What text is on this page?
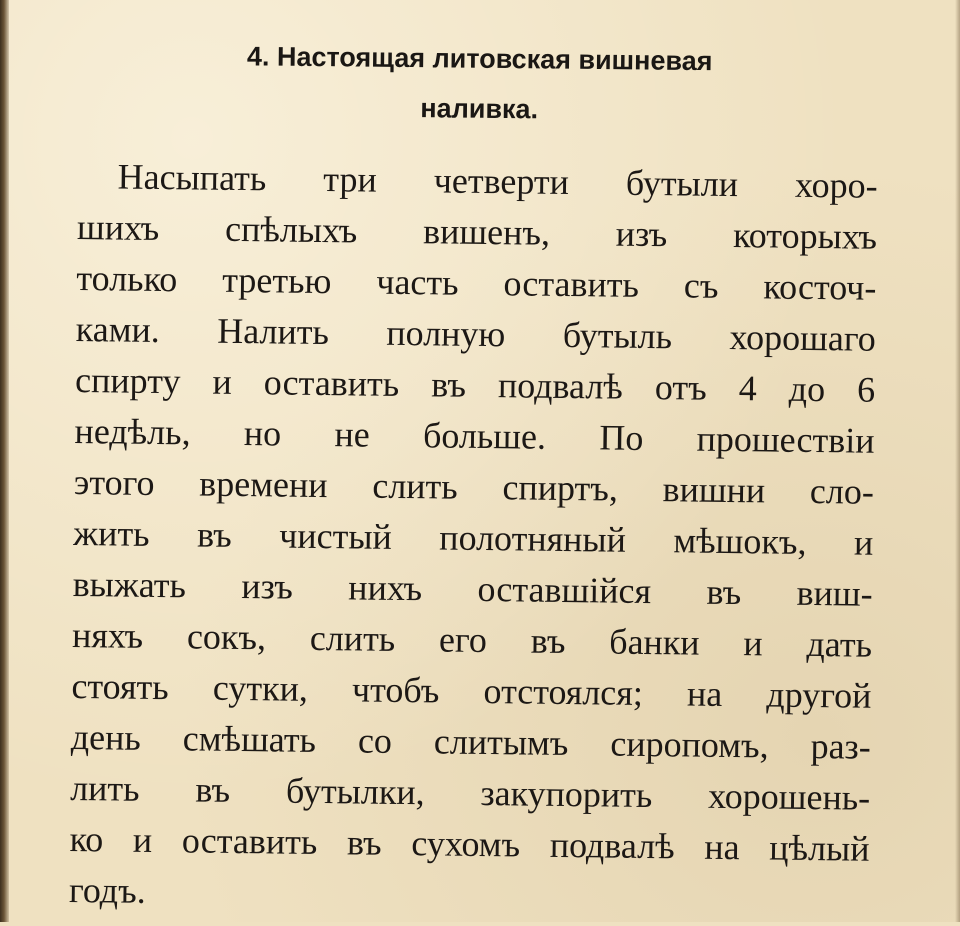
4. Настоящая литовская вишневая
наливка.
Насыпать три четверти бутыли хоро-
шихъ спѣлыхъ вишенъ, изъ которыхъ
только третью часть оставить съ косточ-
ками. Налить полную бутыль хорошаго
спирту и оставить въ подвалѣ отъ 4 до 6
недѣль, но не больше. По прошествіи
этого времени слить спиртъ, вишни сло-
жить въ чистый полотняный мѣшокъ, и
выжать изъ нихъ оставшійся въ виш-
няхъ сокъ, слить его въ банки и дать
стоять сутки, чтобъ отстоялся; на другой
день смѣшать со слитымъ сиропомъ, раз-
лить въ бутылки, закупорить хорошень-
ко и оставить въ сухомъ подвалѣ на цѣлый
годъ.
